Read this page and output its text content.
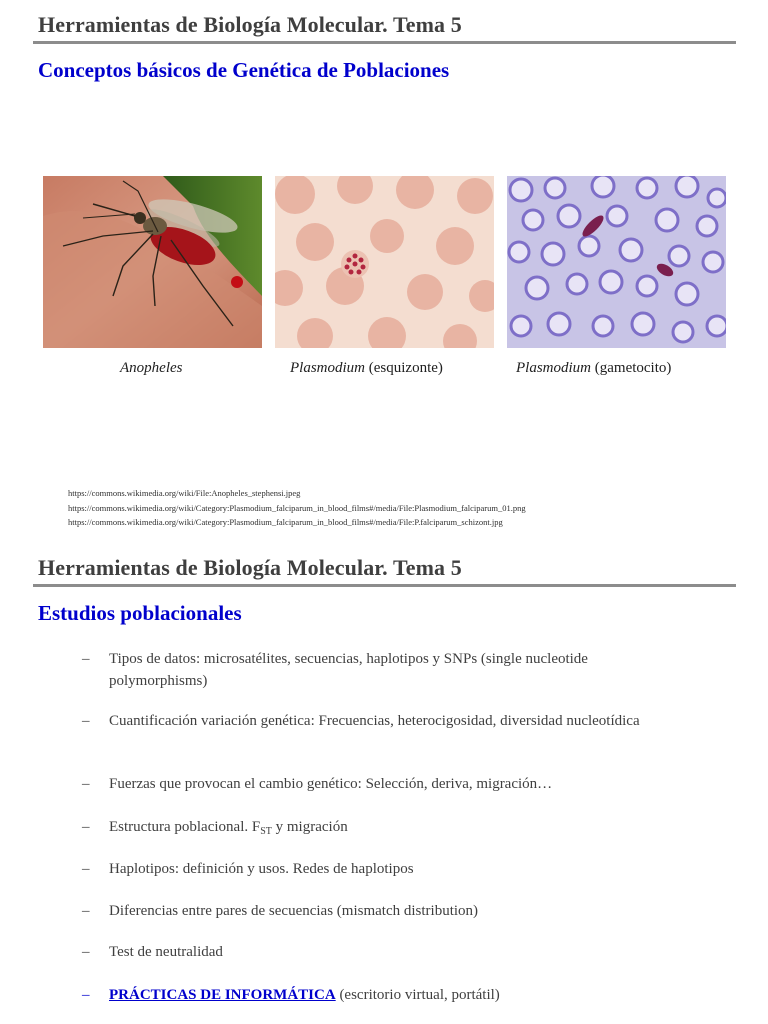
Herramientas de Biología Molecular. Tema 5
Conceptos básicos de Genética de Poblaciones
Anopheles	Plasmodium (esquizonte)	Plasmodium (gametocito)
https://commons.wikimedia.org/wiki/File:Anopheles_stephensi.jpeg
https://commons.wikimedia.org/wiki/Category:Plasmodium_falciparum_in_blood_films#/media/File:Plasmodium_falciparum_01.png
https://commons.wikimedia.org/wiki/Category:Plasmodium_falciparum_in_blood_films#/media/File:P.falciparum_schizont.jpg
Herramientas de Biología Molecular. Tema 5
Estudios poblacionales
– Tipos de datos: microsatélites, secuencias, haplotipos y SNPs (single nucleotide polymorphisms)
– Cuantificación variación genética: Frecuencias, heterocigosidad, diversidad nucleotídica
– Fuerzas que provocan el cambio genético: Selección, deriva, migración…
– Estructura poblacional. $F_{ST}$ y migración
– Haplotipos: definición y usos. Redes de haplotipos
– Diferencias entre pares de secuencias (mismatch distribution)
– Test de neutralidad
– PRÁCTICAS DE INFORMÁTICA (escritorio virtual, portátil)
